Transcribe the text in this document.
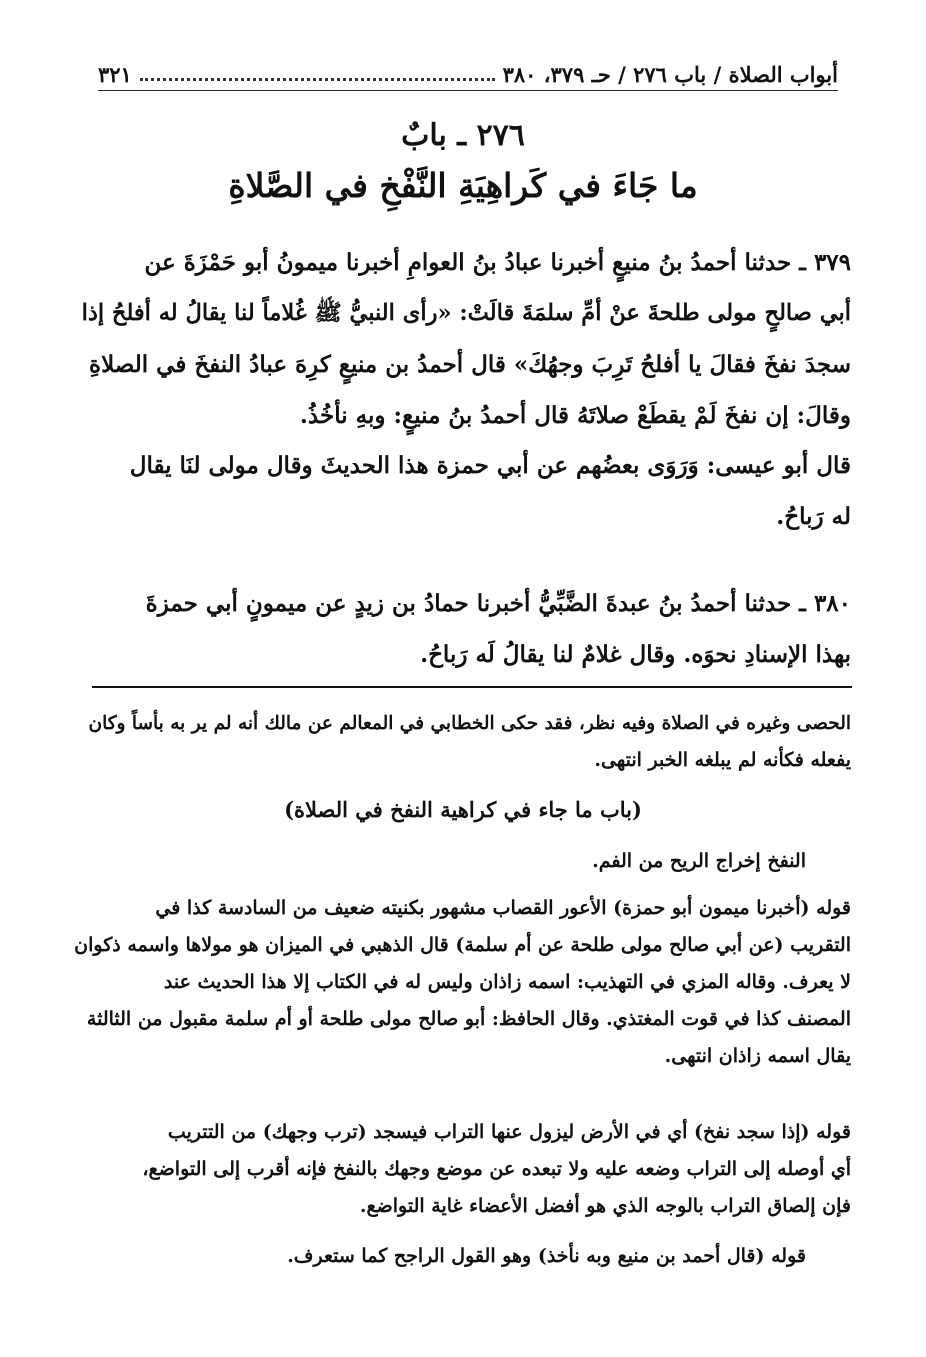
أبواب الصلاة / باب ٢٧٦ / حـ ٣٧٩، ٣٨٠
٣٢١
٢٧٦ ـ بابٌ
ما جَاءَ في كَراهِيَةِ النَّفْخِ في الصَّلاةِ
٣٧٩ ـ حدثنا أحمدُ بنُ منيعٍ أخبرنا عبادُ بنُ العوامِ أخبرنا ميمونُ أبو حَمْزَةَ عن
أبي صالحٍ مولى طلحةَ عنْ أمِّ سلمَةَ قالَتْ: «رأى النبيُّ ﷺ غُلاماً لنا يقالُ له أفلحُ إذا
سجدَ نفخَ فقالَ يا أفلحُ تَرِبَ وجهُكَ» قال أحمدُ بن منيعٍ كرِهَ عبادُ النفخَ في الصلاةِ
وقالَ: إن نفخَ لَمْ يقطَعْ صلاتَهُ قال أحمدُ بنُ منيعٍ: وبهِ نأخُذُ.
قال أبو عيسى: وَرَوَى بعضُهم عن أبي حمزة هذا الحديثَ وقال مولى لنَا يقال
له رَباحُ.
٣٨٠ ـ حدثنا أحمدُ بنُ عبدةَ الضَّبِّيُّ أخبرنا حمادُ بن زيدٍ عن ميمونٍ أبي حمزةَ
بهذا الإسنادِ نحوَه. وقال غلامٌ لنا يقالُ لَه رَباحُ.
الحصى وغيره في الصلاة وفيه نظر، فقد حكى الخطابي في المعالم عن مالك أنه لم ير به بأساً وكان
يفعله فكأنه لم يبلغه الخبر انتهى.
(باب ما جاء في كراهية النفخ في الصلاة)
النفخ إخراج الريح من الفم.
قوله (أخبرنا ميمون أبو حمزة) الأعور القصاب مشهور بكنيته ضعيف من السادسة كذا في
التقريب (عن أبي صالح مولى طلحة عن أم سلمة) قال الذهبي في الميزان هو مولاها واسمه ذكوان
لا يعرف. وقاله المزي في التهذيب: اسمه زاذان وليس له في الكتاب إلا هذا الحديث عند
المصنف كذا في قوت المغتذي. وقال الحافظ: أبو صالح مولى طلحة أو أم سلمة مقبول من الثالثة
يقال اسمه زاذان انتهى.
قوله (إذا سجد نفخ) أي في الأرض ليزول عنها التراب فيسجد (ترب وجهك) من التتريب
أي أوصله إلى التراب وضعه عليه ولا تبعده عن موضع وجهك بالنفخ فإنه أقرب إلى التواضع،
فإن إلصاق التراب بالوجه الذي هو أفضل الأعضاء غاية التواضع.
قوله (قال أحمد بن منيع وبه نأخذ) وهو القول الراجح كما ستعرف.
